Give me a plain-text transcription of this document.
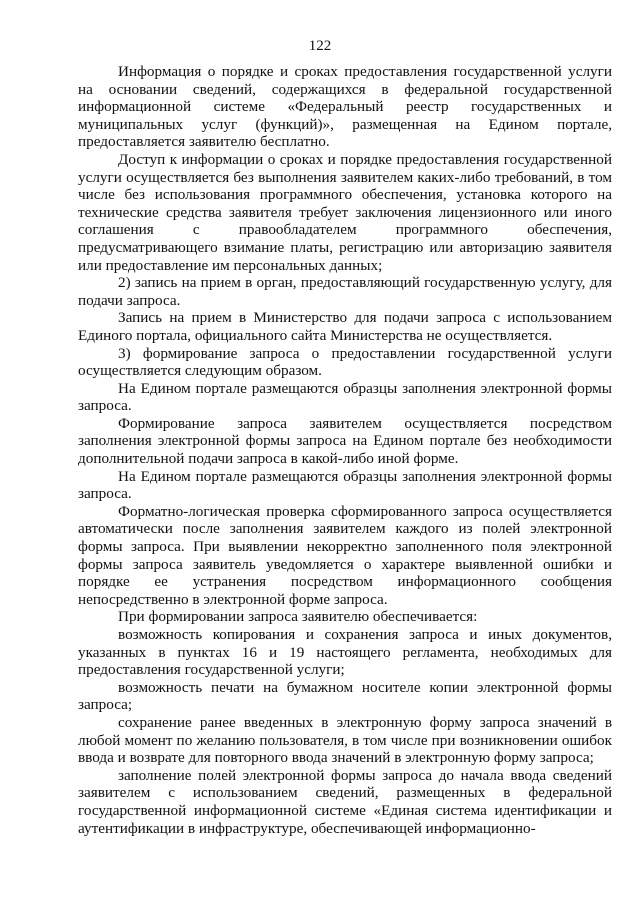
122

Информация о порядке и сроках предоставления государственной услуги на основании сведений, содержащихся в федеральной государственной информационной системе «Федеральный реестр государственных и муниципальных услуг (функций)», размещенная на Едином портале, предоставляется заявителю бесплатно.

Доступ к информации о сроках и порядке предоставления государственной услуги осуществляется без выполнения заявителем каких-либо требований, в том числе без использования программного обеспечения, установка которого на технические средства заявителя требует заключения лицензионного или иного соглашения с правообладателем программного обеспечения, предусматривающего взимание платы, регистрацию или авторизацию заявителя или предоставление им персональных данных;

2) запись на прием в орган, предоставляющий государственную услугу, для подачи запроса.

Запись на прием в Министерство для подачи запроса с использованием Единого портала, официального сайта Министерства не осуществляется.

3) формирование запроса о предоставлении государственной услуги осуществляется следующим образом.

На Едином портале размещаются образцы заполнения электронной формы запроса.

Формирование запроса заявителем осуществляется посредством заполнения электронной формы запроса на Едином портале без необходимости дополнительной подачи запроса в какой-либо иной форме.

На Едином портале размещаются образцы заполнения электронной формы запроса.

Форматно-логическая проверка сформированного запроса осуществляется автоматически после заполнения заявителем каждого из полей электронной формы запроса. При выявлении некорректно заполненного поля электронной формы запроса заявитель уведомляется о характере выявленной ошибки и порядке ее устранения посредством информационного сообщения непосредственно в электронной форме запроса.

При формировании запроса заявителю обеспечивается:

возможность копирования и сохранения запроса и иных документов, указанных в пунктах 16 и 19 настоящего регламента, необходимых для предоставления государственной услуги;

возможность печати на бумажном носителе копии электронной формы запроса;

сохранение ранее введенных в электронную форму запроса значений в любой момент по желанию пользователя, в том числе при возникновении ошибок ввода и возврате для повторного ввода значений в электронную форму запроса;

заполнение полей электронной формы запроса до начала ввода сведений заявителем с использованием сведений, размещенных в федеральной государственной информационной системе «Единая система идентификации и аутентификации в инфраструктуре, обеспечивающей информационно-
